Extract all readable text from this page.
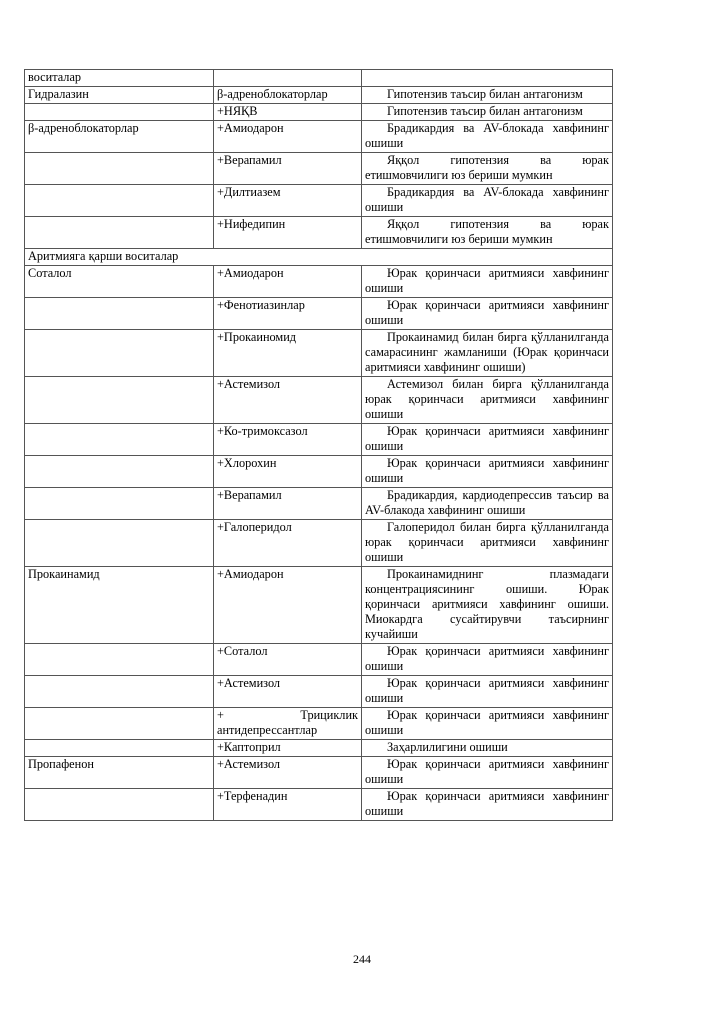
воситалар		
Гидралазин	β-адреноблокаторлар	Гипотензив таъсир билан антагонизм

	+НЯҚВ	Гипотензив таъсир билан антагонизм

β-адреноблокаторлар	+Амиодарон	Брадикардия ва AV-блокада хавфининг ошиши

	+Верапамил	Яққол гипотензия ва юрак етишмовчилиги юз бериши мумкин

	+Дилтиазем	Брадикардия ва AV-блокада хавфининг ошиши

	+Нифедипин	Яққол гипотензия ва юрак етишмовчилиги юз бериши мумкин

Аритмияга қарши воситалар		
Соталол	+Амиодарон	Юрак қоринчаси аритмияси хавфининг ошиши

	+Фенотиазинлар	Юрак қоринчаси аритмияси хавфининг ошиши

	+Прокаиномид	Прокаинамид билан бирга қўлланилганда самарасининг жамланиши (Юрак қоринчаси аритмияси хавфининг ошиши)

	+Астемизол	Астемизол билан бирга қўлланилганда юрак қоринчаси аритмияси хавфининг ошиши

	+Ко-тримоксазол	Юрак қоринчаси аритмияси хавфининг ошиши

	+Хлорохин	Юрак қоринчаси аритмияси хавфининг ошиши

	+Верапамил	Брадикардия, кардиодепрессив таъсир ва AV-блакода хавфининг ошиши

	+Галоперидол	Галоперидол билан бирга қўлланилганда юрак қоринчаси аритмияси хавфининг ошиши

Прокаинамид	+Амиодарон	Прокаинамиднинг плазмадаги концентрациясининг ошиши. Юрак қоринчаси аритмияси хавфининг ошиши. Миокардга сусайтирувчи таъсирнинг кучайиши

	+Соталол	Юрак қоринчаси аритмияси хавфининг ошиши

	+Астемизол	Юрак қоринчаси аритмияси хавфининг ошиши

	+ Трициклик антидепрессантлар	Юрак қоринчаси аритмияси хавфининг ошиши

	+Каптоприл	Заҳарлилигини ошиши

Пропафенон	+Астемизол	Юрак қоринчаси аритмияси хавфининг ошиши

	+Терфенадин	Юрак қоринчаси аритмияси хавфининг ошиши
244
